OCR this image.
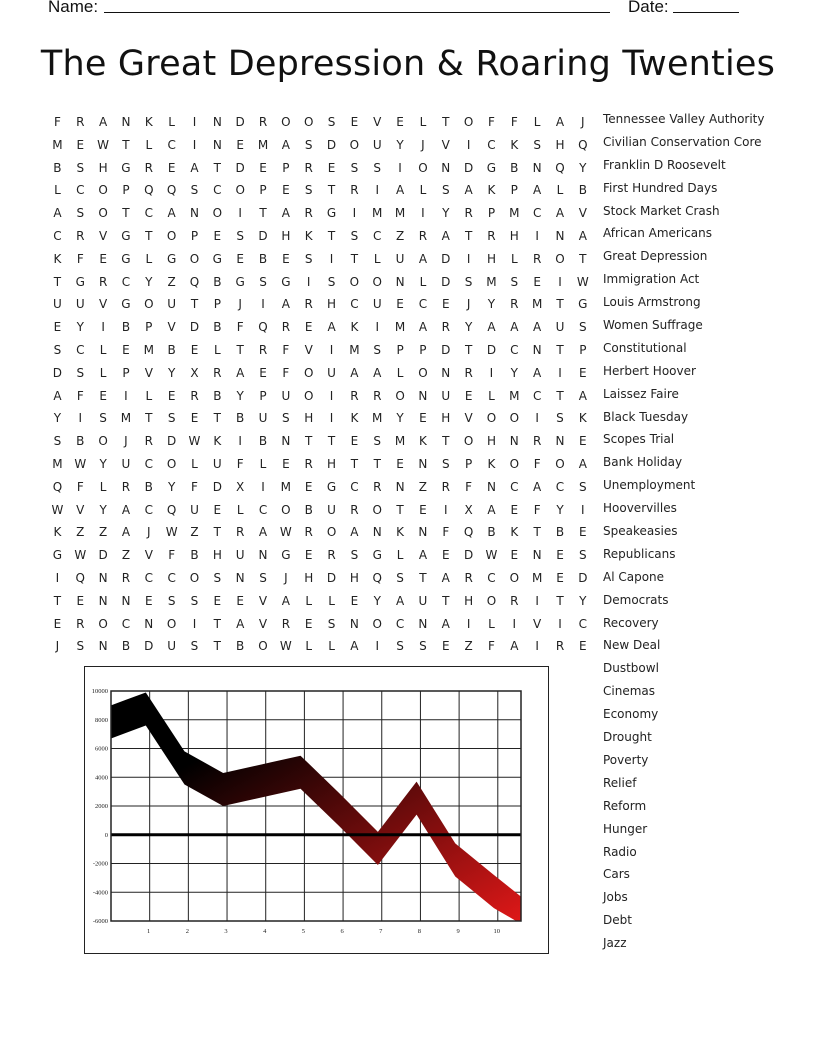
Name:	Date:
The Great Depression & Roaring Twenties
F	R	A	N	K	L	I	N	D	R	O	O	S	E	V	E	L	T	O	F	F	L	A	J
M	E	W	T	L	C	I	N	E	M	A	S	D	O	U	Y	J	V	I	C	K	S	H	Q
B	S	H	G	R	E	A	T	D	E	P	R	E	S	S	I	O	N	D	G	B	N	Q	Y
L	C	O	P	Q	Q	S	C	O	P	E	S	T	R	I	A	L	S	A	K	P	A	L	B
A	S	O	T	C	A	N	O	I	T	A	R	G	I	M	M	I	Y	R	P	M	C	A	V
C	R	V	G	T	O	P	E	S	D	H	K	T	S	C	Z	R	A	T	R	H	I	N	A
K	F	E	G	L	G	O	G	E	B	E	S	I	T	L	U	A	D	I	H	L	R	O	T
T	G	R	C	Y	Z	Q	B	G	S	G	I	S	O	O	N	L	D	S	M	S	E	I	W
U	U	V	G	O	U	T	P	J	I	A	R	H	C	U	E	C	E	J	Y	R	M	T	G
E	Y	I	B	P	V	D	B	F	Q	R	E	A	K	I	M	A	R	Y	A	A	A	U	S
S	C	L	E	M	B	E	L	T	R	F	V	I	M	S	P	P	D	T	D	C	N	T	P
D	S	L	P	V	Y	X	R	A	E	F	O	U	A	A	L	O	N	R	I	Y	A	I	E
A	F	E	I	L	E	R	B	Y	P	U	O	I	R	R	O	N	U	E	L	M	C	T	A
Y	I	S	M	T	S	E	T	B	U	S	H	I	K	M	Y	E	H	V	O	O	I	S	K
S	B	O	J	R	D	W	K	I	B	N	T	T	E	S	M	K	T	O	H	N	R	N	E
M W	Y	U	C	O	L	U	F	L	E	R	H	T	T	E	N	S	P	K	O	F	O	A
Q	F	L	R	B	Y	F	D	X	I	M	E	G	C	R	N	Z	R	F	N	C	A	C	S
W	V	Y	A	C	Q	U	E	L	C	O	B	U	R	O	T	E	I	X	A	E	F	Y	I
K	Z	Z	A	J	W	Z	T	R	A	W	R	O	A	N	K	N	F	Q	B	K	T	B	E
G	W	D	Z	V	F	B	H	U	N	G	E	R	S	G	L	A	E	D	W	E	N	E	S
I	Q	N	R	C	C	O	S	N	S	J	H	D	H	Q	S	T	A	R	C	O	M	E	D
T	E	N	N	E	S	S	E	E	V	A	L	L	E	Y	A	U	T	H	O	R	I	T	Y
E	R	O	C	N	O	I	T	A	V	R	E	S	N	O	C	N	A	I	L	I	V	I	C
J	S	N	B	D	U	S	T	B	O	W	L	L	A	I	S	S	E	Z	F	A	I	R	E
Tennessee Valley Authority
Civilian Conservation Core
Franklin D Roosevelt
First Hundred Days
Stock Market Crash
African Americans
Great Depression
Immigration Act
Louis Armstrong
Women Suffrage
Constitutional
Herbert Hoover
Laissez Faire
Black Tuesday
Scopes Trial
Bank Holiday
Unemployment
Hoovervilles
Speakeasies
Republicans
Al Capone
Democrats
Recovery
New Deal
Dustbowl
Cinemas
Economy
Drought
Poverty
Relief
Reform
Hunger
Radio
Cars
Jobs
Debt
Jazz
10000
8000
6000
4000
2000
0
-2000
-4000
-6000
1	2	3	4	5	6	7	8	9	10
